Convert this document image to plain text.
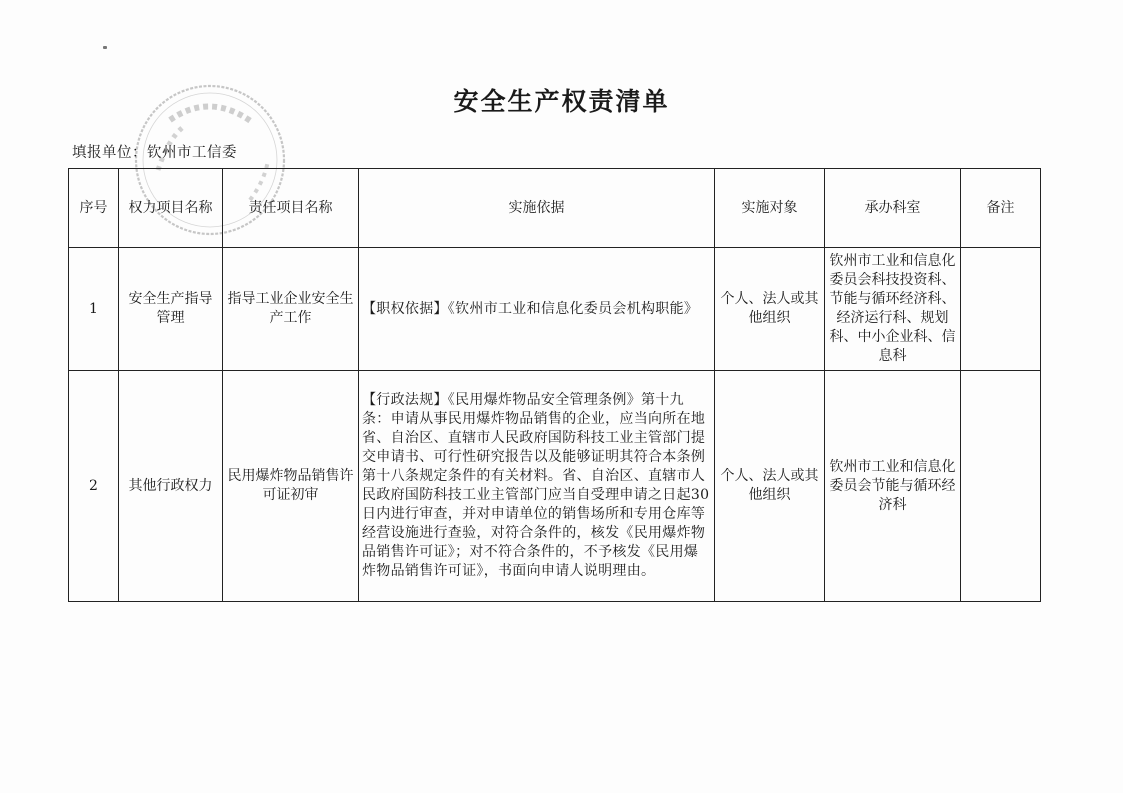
安全生产权责清单
填报单位：钦州市工信委
序号	权力项目名称	责任项目名称	实施依据	实施对象	承办科室	备注
1	安全生产指导管理	指导工业企业安全生产工作	【职权依据】《钦州市工业和信息化委员会机构职能》	个人、法人或其他组织	钦州市工业和信息化委员会科技投资科、节能与循环经济科、经济运行科、规划科、中小企业科、信息科	
2	其他行政权力	民用爆炸物品销售许可证初审	【行政法规】《民用爆炸物品安全管理条例》第十九条：申请从事民用爆炸物品销售的企业，应当向所在地省、自治区、直辖市人民政府国防科技工业主管部门提交申请书、可行性研究报告以及能够证明其符合本条例第十八条规定条件的有关材料。省、自治区、直辖市人民政府国防科技工业主管部门应当自受理申请之日起30日内进行审查，并对申请单位的销售场所和专用仓库等经营设施进行查验，对符合条件的，核发《民用爆炸物品销售许可证》；对不符合条件的，不予核发《民用爆炸物品销售许可证》，书面向申请人说明理由。	个人、法人或其他组织	钦州市工业和信息化委员会节能与循环经济科	
